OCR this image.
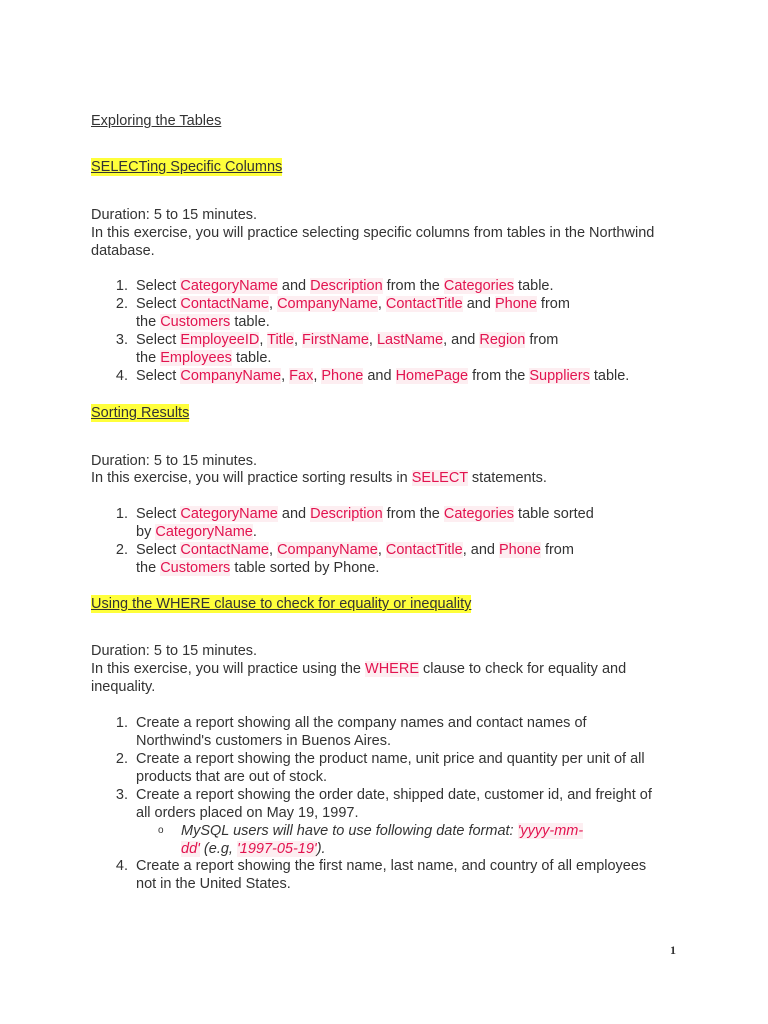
Exploring the Tables
SELECTing Specific Columns
Duration: 5 to 15 minutes.
In this exercise, you will practice selecting specific columns from tables in the Northwind
database.
1. Select CategoryName and Description from the Categories table.
2. Select ContactName, CompanyName, ContactTitle and Phone from
the Customers table.
3. Select EmployeeID, Title, FirstName, LastName, and Region from
the Employees table.
4. Select CompanyName, Fax, Phone and HomePage from the Suppliers table.
Sorting Results
Duration: 5 to 15 minutes.
In this exercise, you will practice sorting results in SELECT statements.
1. Select CategoryName and Description from the Categories table sorted
by CategoryName.
2. Select ContactName, CompanyName, ContactTitle, and Phone from
the Customers table sorted by Phone.
Using the WHERE clause to check for equality or inequality
Duration: 5 to 15 minutes.
In this exercise, you will practice using the WHERE clause to check for equality and
inequality.
1. Create a report showing all the company names and contact names of
Northwind's customers in Buenos Aires.
2. Create a report showing the product name, unit price and quantity per unit of all
products that are out of stock.
3. Create a report showing the order date, shipped date, customer id, and freight of
all orders placed on May 19, 1997.
o MySQL users will have to use following date format: 'yyyy-mm-
dd' (e.g, '1997-05-19').
4. Create a report showing the first name, last name, and country of all employees
not in the United States.
1
